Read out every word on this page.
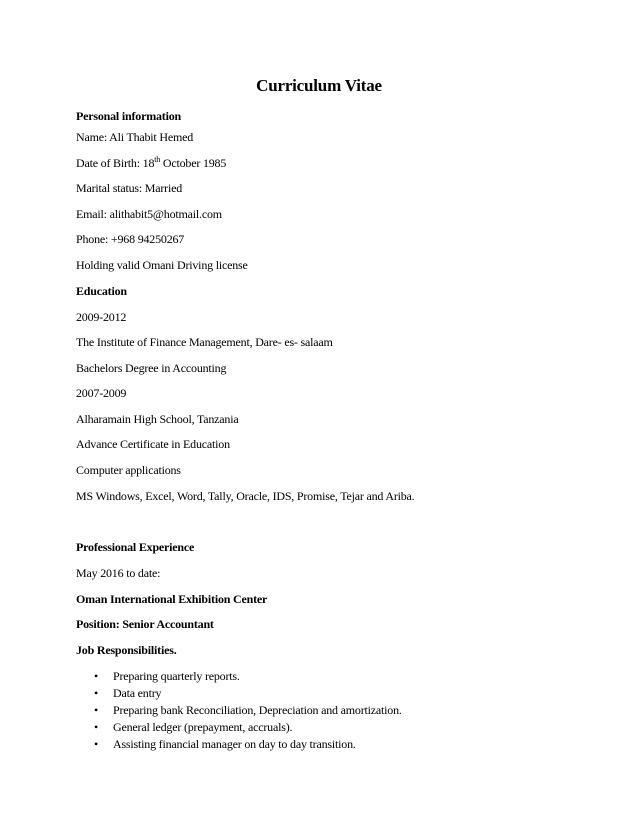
Curriculum Vitae
Personal information
Name: Ali Thabit Hemed
Date of Birth: 18th October 1985
Marital status: Married
Email: alithabit5@hotmail.com
Phone: +968 94250267
Holding valid Omani Driving license
Education
2009-2012
The Institute of Finance Management, Dare- es- salaam
Bachelors Degree in Accounting
2007-2009
Alharamain High School, Tanzania
Advance Certificate in Education
Computer applications
MS Windows, Excel, Word, Tally, Oracle, IDS, Promise, Tejar and Ariba.
Professional Experience
May 2016 to date:
Oman International Exhibition Center
Position: Senior Accountant
Job Responsibilities.
•	Preparing quarterly reports.
•	Data entry
•	Preparing bank Reconciliation, Depreciation and amortization.
•	General ledger (prepayment, accruals).
•	Assisting financial manager on day to day transition.
